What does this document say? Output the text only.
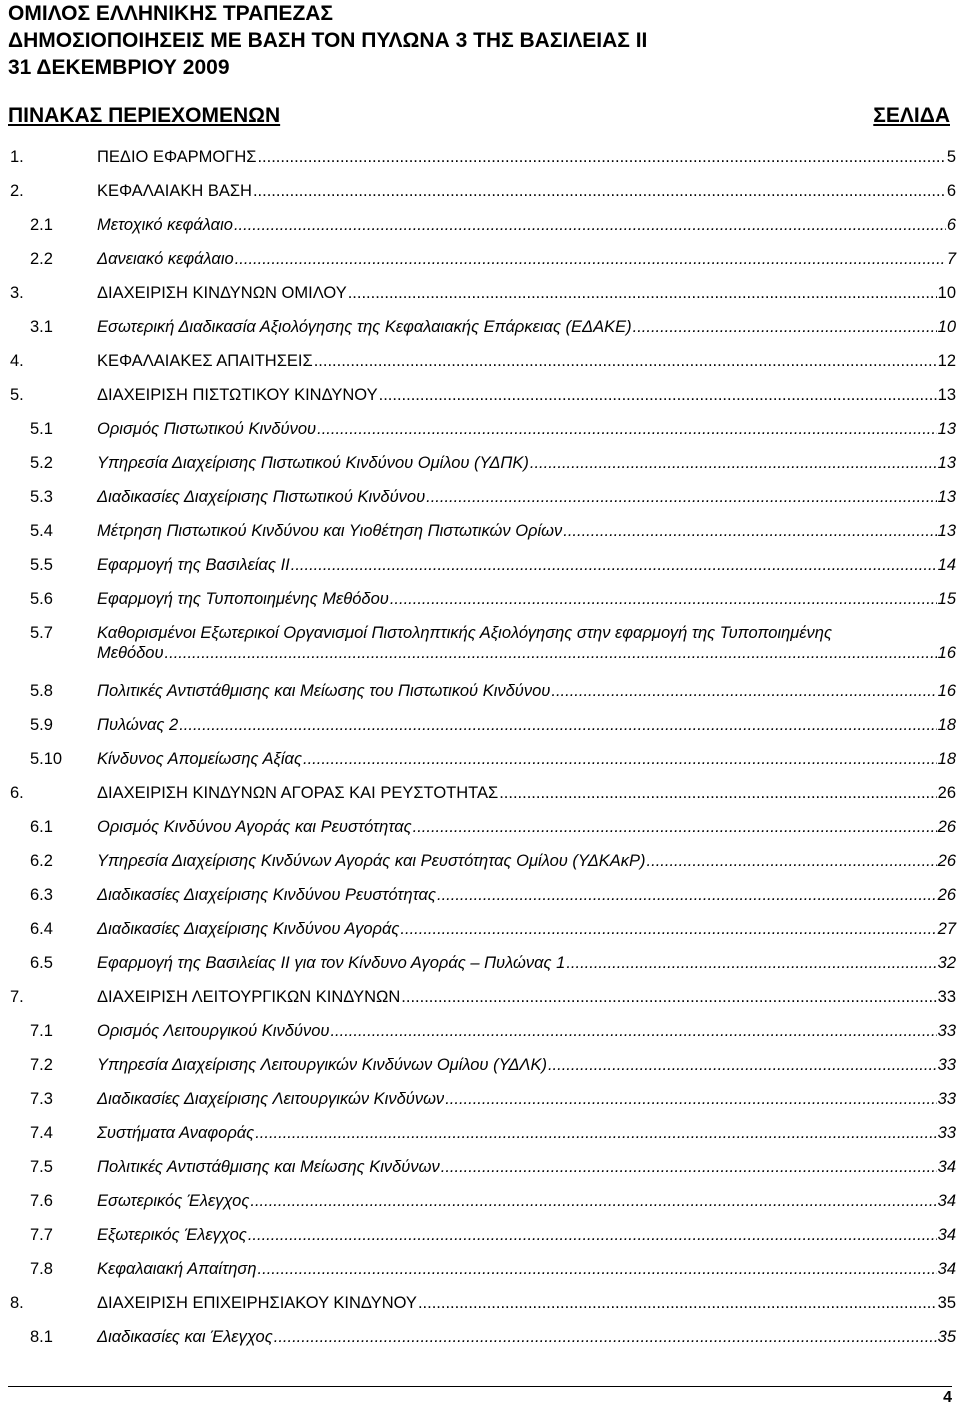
ΟΜΙΛΟΣ ΕΛΛΗΝΙΚΗΣ ΤΡΑΠΕΖΑΣ
ΔΗΜΟΣΙΟΠΟΙΗΣΕΙΣ ΜΕ ΒΑΣΗ ΤΟΝ ΠΥΛΩΝΑ 3 ΤΗΣ ΒΑΣΙΛΕΙΑΣ ΙΙ
31 ΔΕΚΕΜΒΡΙΟΥ 2009
ΠΙΝΑΚΑΣ ΠΕΡΙΕΧΟΜΕΝΩΝ	ΣΕΛΙΔΑ
1.	ΠΕΔΙΟ ΕΦΑΡΜΟΓΗΣ .....	5
2.	ΚΕΦΑΛΑΙΑΚΗ ΒΑΣΗ .....	6
2.1	Μετοχικό κεφάλαιο .....	6
2.2	Δανειακό κεφάλαιο .....	7
3.	ΔΙΑΧΕΙΡΙΣΗ ΚΙΝΔΥΝΩΝ ΟΜΙΛΟΥ .....	10
3.1	Εσωτερική Διαδικασία Αξιολόγησης της Κεφαλαιακής Επάρκειας (ΕΔΑΚΕ) .....	10
4.	ΚΕΦΑΛΑΙΑΚΕΣ ΑΠΑΙΤΗΣΕΙΣ .....	12
5.	ΔΙΑΧΕΙΡΙΣΗ ΠΙΣΤΩΤΙΚΟΥ ΚΙΝΔΥΝΟΥ .....	13
5.1	Ορισμός Πιστωτικού Κινδύνου .....	13
5.2	Υπηρεσία Διαχείρισης Πιστωτικού Κινδύνου Ομίλου (ΥΔΠΚ) .....	13
5.3	Διαδικασίες Διαχείρισης Πιστωτικού Κινδύνου .....	13
5.4	Μέτρηση Πιστωτικού Κινδύνου και Υιοθέτηση Πιστωτικών Ορίων .....	13
5.5	Εφαρμογή της Βασιλείας ΙΙ .....	14
5.6	Εφαρμογή της Τυποποιημένης Μεθόδου .....	15
5.7	Καθορισμένοι Εξωτερικοί Οργανισμοί Πιστοληπτικής Αξιολόγησης στην εφαρμογή της Τυποποιημένης
Μεθόδου .....	16
5.8	Πολιτικές Αντιστάθμισης και Μείωσης του Πιστωτικού Κινδύνου .....	16
5.9	Πυλώνας 2 .....	18
5.10 Κίνδυνος Απομείωσης Αξίας .....	18
6.	ΔΙΑΧΕΙΡΙΣΗ ΚΙΝΔΥΝΩΝ ΑΓΟΡΑΣ ΚΑΙ ΡΕΥΣΤΟΤΗΤΑΣ .....	26
6.1	Ορισμός Κινδύνου Αγοράς και Ρευστότητας .....	26
6.2	Υπηρεσία Διαχείρισης Κινδύνων Αγοράς και Ρευστότητας Ομίλου (ΥΔΚΑκΡ) .....	26
6.3	Διαδικασίες Διαχείρισης Κινδύνου Ρευστότητας .....	26
6.4	Διαδικασίες Διαχείρισης Κινδύνου Αγοράς .....	27
6.5	Εφαρμογή της Βασιλείας ΙΙ για τον Κίνδυνο Αγοράς – Πυλώνας 1 .....	32
7.	ΔΙΑΧΕΙΡΙΣΗ ΛΕΙΤΟΥΡΓΙΚΩΝ ΚΙΝΔΥΝΩΝ .....	33
7.1	Ορισμός Λειτουργικού Κινδύνου .....	33
7.2	Υπηρεσία Διαχείρισης Λειτουργικών Κινδύνων Ομίλου (ΥΔΛΚ) .....	33
7.3	Διαδικασίες Διαχείρισης Λειτουργικών Κινδύνων .....	33
7.4	Συστήματα Αναφοράς .....	33
7.5	Πολιτικές Αντιστάθμισης και Μείωσης Κινδύνων .....	34
7.6	Εσωτερικός Έλεγχος .....	34
7.7	Εξωτερικός Έλεγχος .....	34
7.8	Κεφαλαιακή Απαίτηση .....	34
8.	ΔΙΑΧΕΙΡΙΣΗ ΕΠΙΧΕΙΡΗΣΙΑΚΟΥ ΚΙΝΔΥΝΟΥ .....	35
8.1	Διαδικασίες και Έλεγχος .....	35
4
